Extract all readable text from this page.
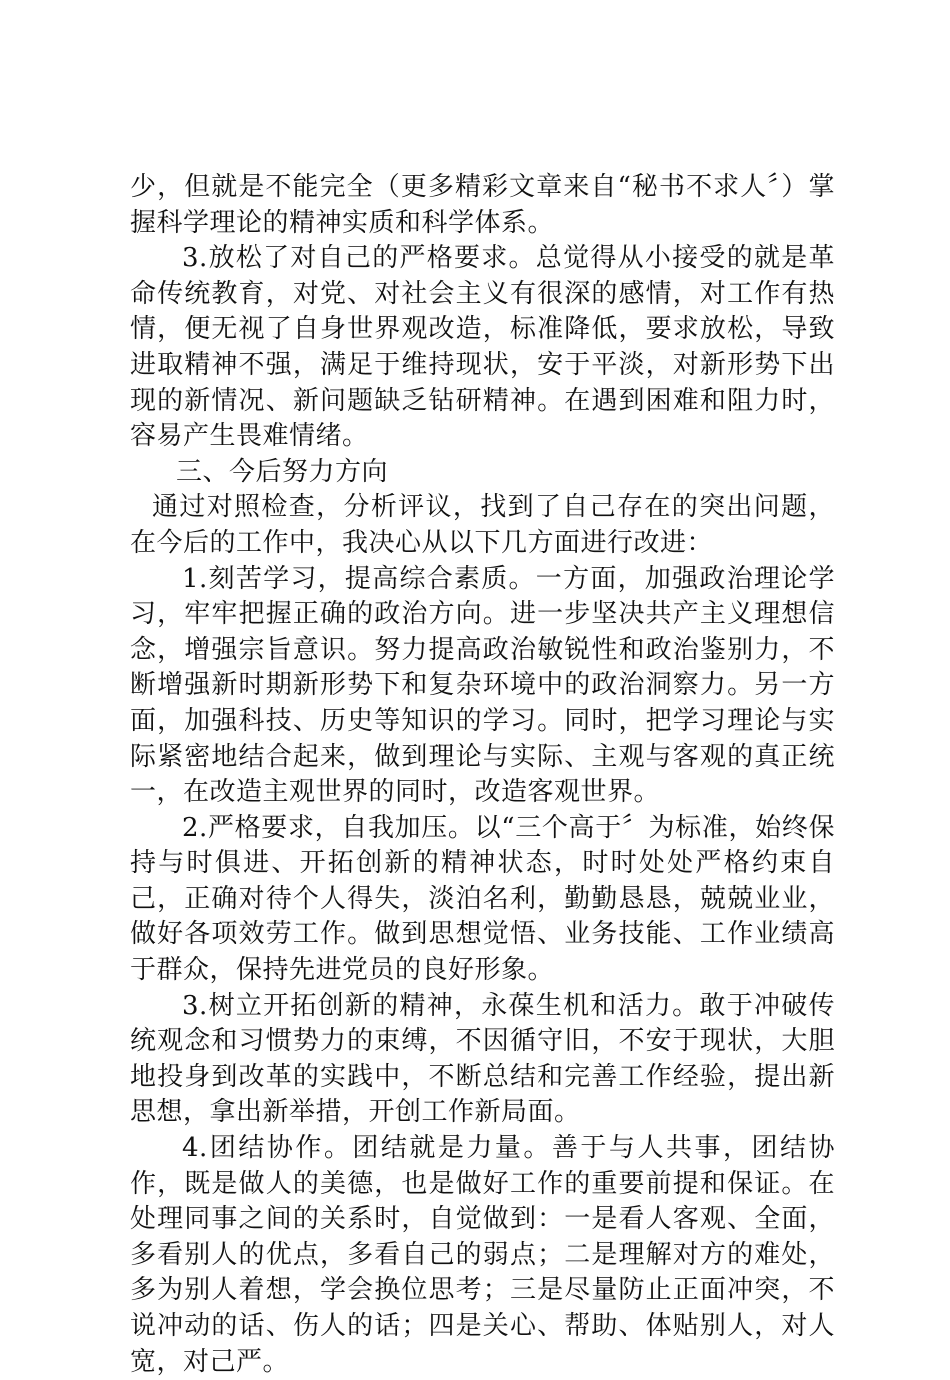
少，但就是不能完全（更多精彩文章来自“秘书不求人〞）掌握科学理论的精神实质和科学体系。

3.放松了对自己的严格要求。总觉得从小接受的就是革命传统教育，对党、对社会主义有很深的感情，对工作有热情，便无视了自身世界观改造，标准降低，要求放松，导致进取精神不强，满足于维持现状，安于平淡，对新形势下出现的新情况、新问题缺乏钻研精神。在遇到困难和阻力时，容易产生畏难情绪。

三、今后努力方向

通过对照检查，分析评议，找到了自己存在的突出问题，在今后的工作中，我决心从以下几方面进行改进：

1.刻苦学习，提高综合素质。一方面，加强政治理论学习，牢牢把握正确的政治方向。进一步坚决共产主义理想信念，增强宗旨意识。努力提高政治敏锐性和政治鉴别力，不断增强新时期新形势下和复杂环境中的政治洞察力。另一方面，加强科技、历史等知识的学习。同时，把学习理论与实际紧密地结合起来，做到理论与实际、主观与客观的真正统一，在改造主观世界的同时，改造客观世界。

2.严格要求，自我加压。以“三个高于〞为标准，始终保持与时俱进、开拓创新的精神状态，时时处处严格约束自己，正确对待个人得失，淡泊名利，勤勤恳恳，兢兢业业，做好各项效劳工作。做到思想觉悟、业务技能、工作业绩高于群众，保持先进党员的良好形象。

3.树立开拓创新的精神，永葆生机和活力。敢于冲破传统观念和习惯势力的束缚，不因循守旧，不安于现状，大胆地投身到改革的实践中，不断总结和完善工作经验，提出新思想，拿出新举措，开创工作新局面。

4.团结协作。团结就是力量。善于与人共事，团结协作，既是做人的美德，也是做好工作的重要前提和保证。在处理同事之间的关系时，自觉做到：一是看人客观、全面，多看别人的优点，多看自己的弱点；二是理解对方的难处，多为别人着想，学会换位思考；三是尽量防止正面冲突，不说冲动的话、伤人的话；四是关心、帮助、体贴别人，对人宽，对己严。
